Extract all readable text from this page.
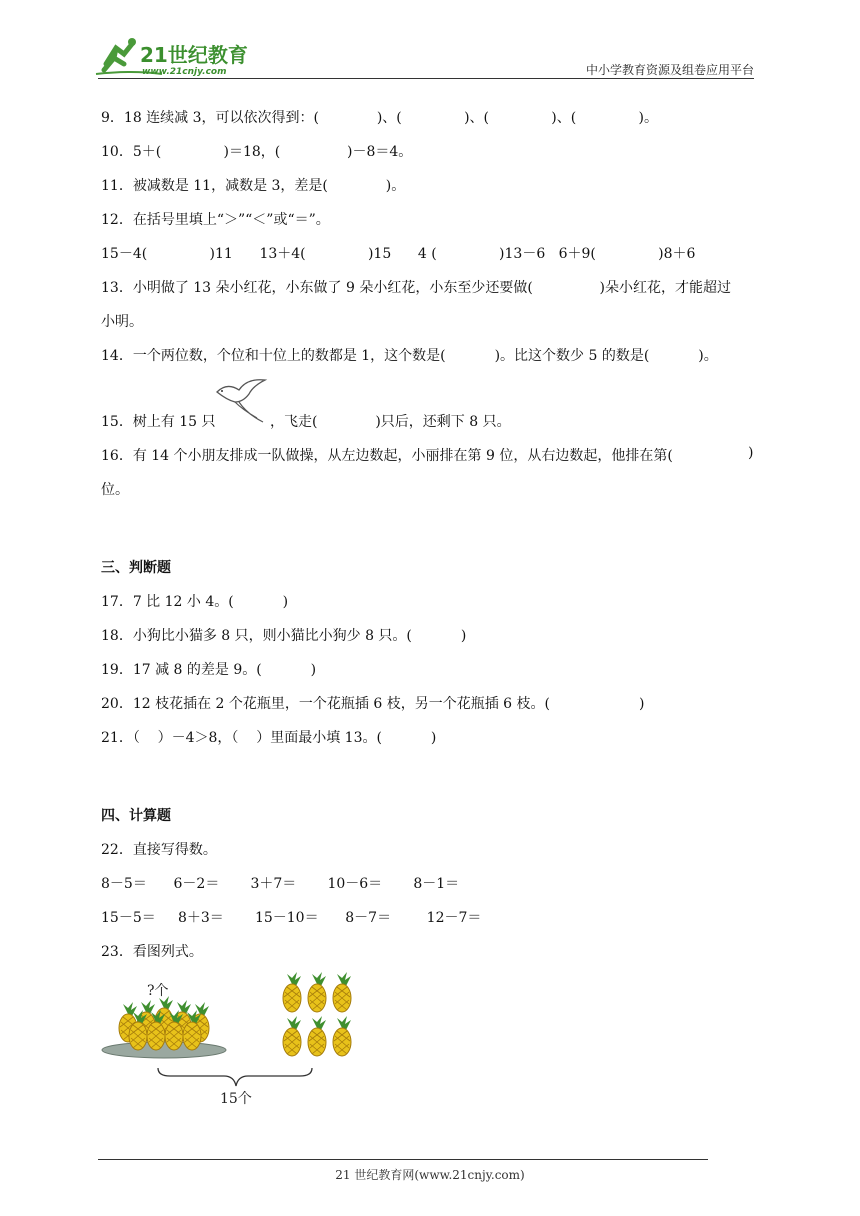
21世纪教育
www.21cnjy.com	中小学教育资源及组卷应用平台
9．18 连续减 3，可以依次得到：(             )、(              )、(              )、(              )。
10．5＋(              )＝18，(               )－8＝4。
11．被减数是 11，减数是 3，差是(             )。
12．在括号里填上“＞”“＜”或“＝”。
15－4(              )11      13＋4(              )15      4 (              )13－6   6＋9(              )8＋6
13．小明做了 13 朵小红花，小东做了 9 朵小红花，小东至少还要做(               )朵小红花，才能超过
小明。
14．一个两位数，个位和十位上的数都是 1，这个数是(           )。比这个数少 5 的数是(           )。
15．树上有 15 只	，飞走(             )只后，还剩下 8 只。
16．有 14 个小朋友排成一队做操，从左边数起，小丽排在第 9 位，从右边数起，他排在第(	)
位。
三、判断题
17．7 比 12 小 4。(           )
18．小狗比小猫多 8 只，则小猫比小狗少 8 只。(           )
19．17 减 8 的差是 9。(           )
20．12 枝花插在 2 个花瓶里，一个花瓶插 6 枝，另一个花瓶插 6 枝。(                    )
21．（    ）－4＞8，（    ）里面最小填 13。(           )
四、计算题
22．直接写得数。
8－5＝      6－2＝       3＋7＝       10－6＝       8－1＝
15－5＝     8＋3＝       15－10＝      8－7＝        12－7＝
23．看图列式。
?个
15个
21 世纪教育网(www.21cnjy.com)
